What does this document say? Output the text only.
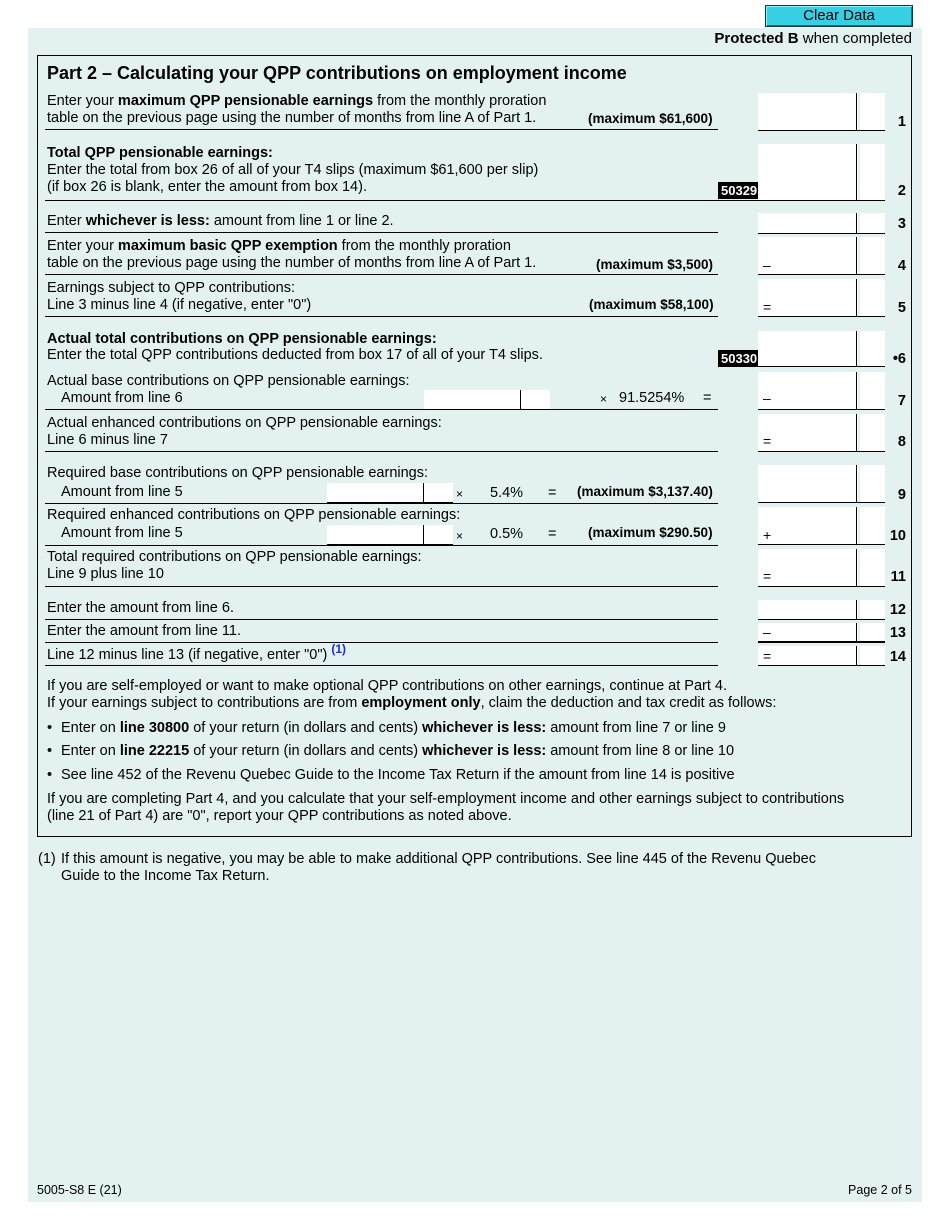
Clear Data
Protected B when completed
Part 2 – Calculating your QPP contributions on employment income
Enter your maximum QPP pensionable earnings from the monthly proration
table on the previous page using the number of months from line A of Part 1.	(maximum $61,600)	1
Total QPP pensionable earnings:
Enter the total from box 26 of all of your T4 slips (maximum $61,600 per slip)
(if box 26 is blank, enter the amount from box 14).	50329	2
Enter whichever is less: amount from line 1 or line 2.	3
Enter your maximum basic QPP exemption from the monthly proration
table on the previous page using the number of months from line A of Part 1.	(maximum $3,500)	–	4
Earnings subject to QPP contributions:
Line 3 minus line 4 (if negative, enter "0")	(maximum $58,100)	=	5
Actual total contributions on QPP pensionable earnings:
Enter the total QPP contributions deducted from box 17 of all of your T4 slips.	50330	•6
Actual base contributions on QPP pensionable earnings:
Amount from line 6	× 91.5254% =	–	7
Actual enhanced contributions on QPP pensionable earnings:
Line 6 minus line 7	=	8
Required base contributions on QPP pensionable earnings:
Amount from line 5	× 5.4% = (maximum $3,137.40)	9
Required enhanced contributions on QPP pensionable earnings:
Amount from line 5	× 0.5% = (maximum $290.50)	+	10
Total required contributions on QPP pensionable earnings:
Line 9 plus line 10	=	11
Enter the amount from line 6.	12
Enter the amount from line 11.	–	13
Line 12 minus line 13 (if negative, enter "0") $^{(1)}$	=	14
If you are self-employed or want to make optional QPP contributions on other earnings, continue at Part 4.
If your earnings subject to contributions are from employment only, claim the deduction and tax credit as follows:
• Enter on line 30800 of your return (in dollars and cents) whichever is less: amount from line 7 or line 9
• Enter on line 22215 of your return (in dollars and cents) whichever is less: amount from line 8 or line 10
• See line 452 of the Revenu Quebec Guide to the Income Tax Return if the amount from line 14 is positive
If you are completing Part 4, and you calculate that your self-employment income and other earnings subject to contributions
(line 21 of Part 4) are "0", report your QPP contributions as noted above.
(1) If this amount is negative, you may be able to make additional QPP contributions. See line 445 of the Revenu Quebec
Guide to the Income Tax Return.
5005-S8 E (21)	Page 2 of 5
